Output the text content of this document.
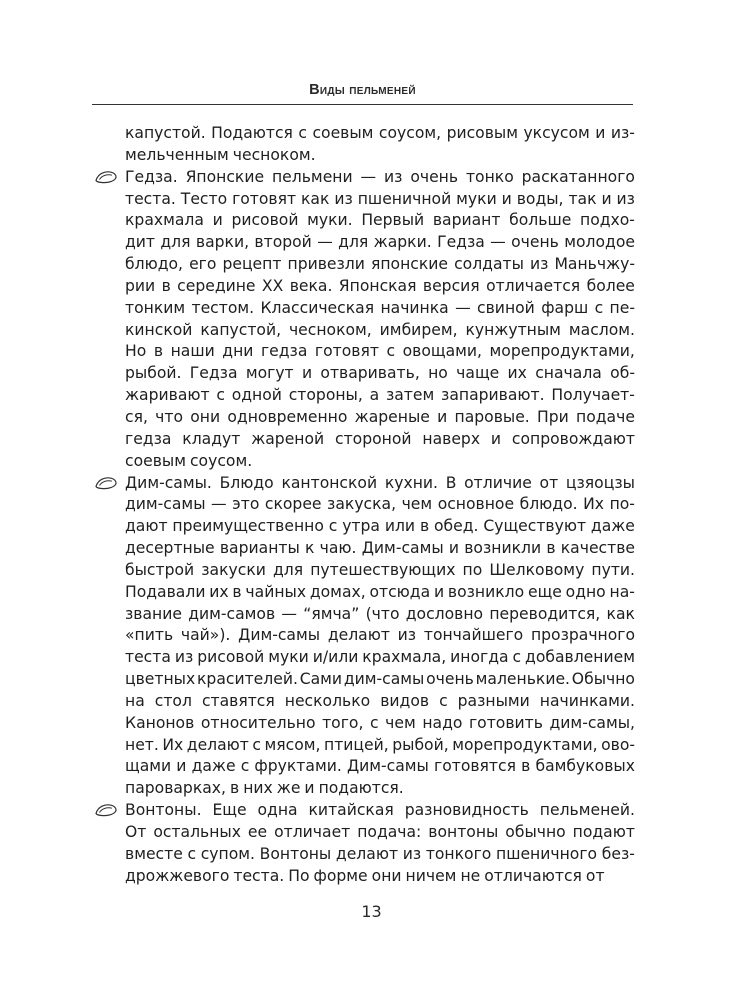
Виды пельменей
капустой. Подаются с соевым соусом, рисовым уксусом и из-
мельченным чесноком.
Гедза. Японские пельмени — из очень тонко раскатанного
теста. Тесто готовят как из пшеничной муки и воды, так и из
крахмала и рисовой муки. Первый вариант больше подхо-
дит для варки, второй — для жарки. Гедза — очень молодое
блюдо, его рецепт привезли японские солдаты из Маньчжу-
рии в середине XX века. Японская версия отличается более
тонким тестом. Классическая начинка — свиной фарш с пе-
кинской капустой, чесноком, имбирем, кунжутным маслом.
Но в наши дни гедза готовят с овощами, морепродуктами,
рыбой. Гедза могут и отваривать, но чаще их сначала об-
жаривают с одной стороны, а затем запаривают. Получает-
ся, что они одновременно жареные и паровые. При подаче
гедза кладут жареной стороной наверх и сопровождают
соевым соусом.
Дим-самы. Блюдо кантонской кухни. В отличие от цзяоцзы
дим-самы — это скорее закуска, чем основное блюдо. Их по-
дают преимущественно с утра или в обед. Существуют даже
десертные варианты к чаю. Дим-самы и возникли в качестве
быстрой закуски для путешествующих по Шелковому пути.
Подавали их в чайных домах, отсюда и возникло еще одно на-
звание дим-самов — “ямча” (что дословно переводится, как
«пить чай»). Дим-самы делают из тончайшего прозрачного
теста из рисовой муки и/или крахмала, иногда с добавлением
цветных красителей. Сами дим-самы очень маленькие. Обычно
на стол ставятся несколько видов с разными начинками.
Канонов относительно того, с чем надо готовить дим-самы,
нет. Их делают с мясом, птицей, рыбой, морепродуктами, ово-
щами и даже с фруктами. Дим-самы готовятся в бамбуковых
пароварках, в них же и подаются.
Вонтоны. Еще одна китайская разновидность пельменей.
От остальных ее отличает подача: вонтоны обычно подают
вместе с супом. Вонтоны делают из тонкого пшеничного без-
дрожжевого теста. По форме они ничем не отличаются от
13
